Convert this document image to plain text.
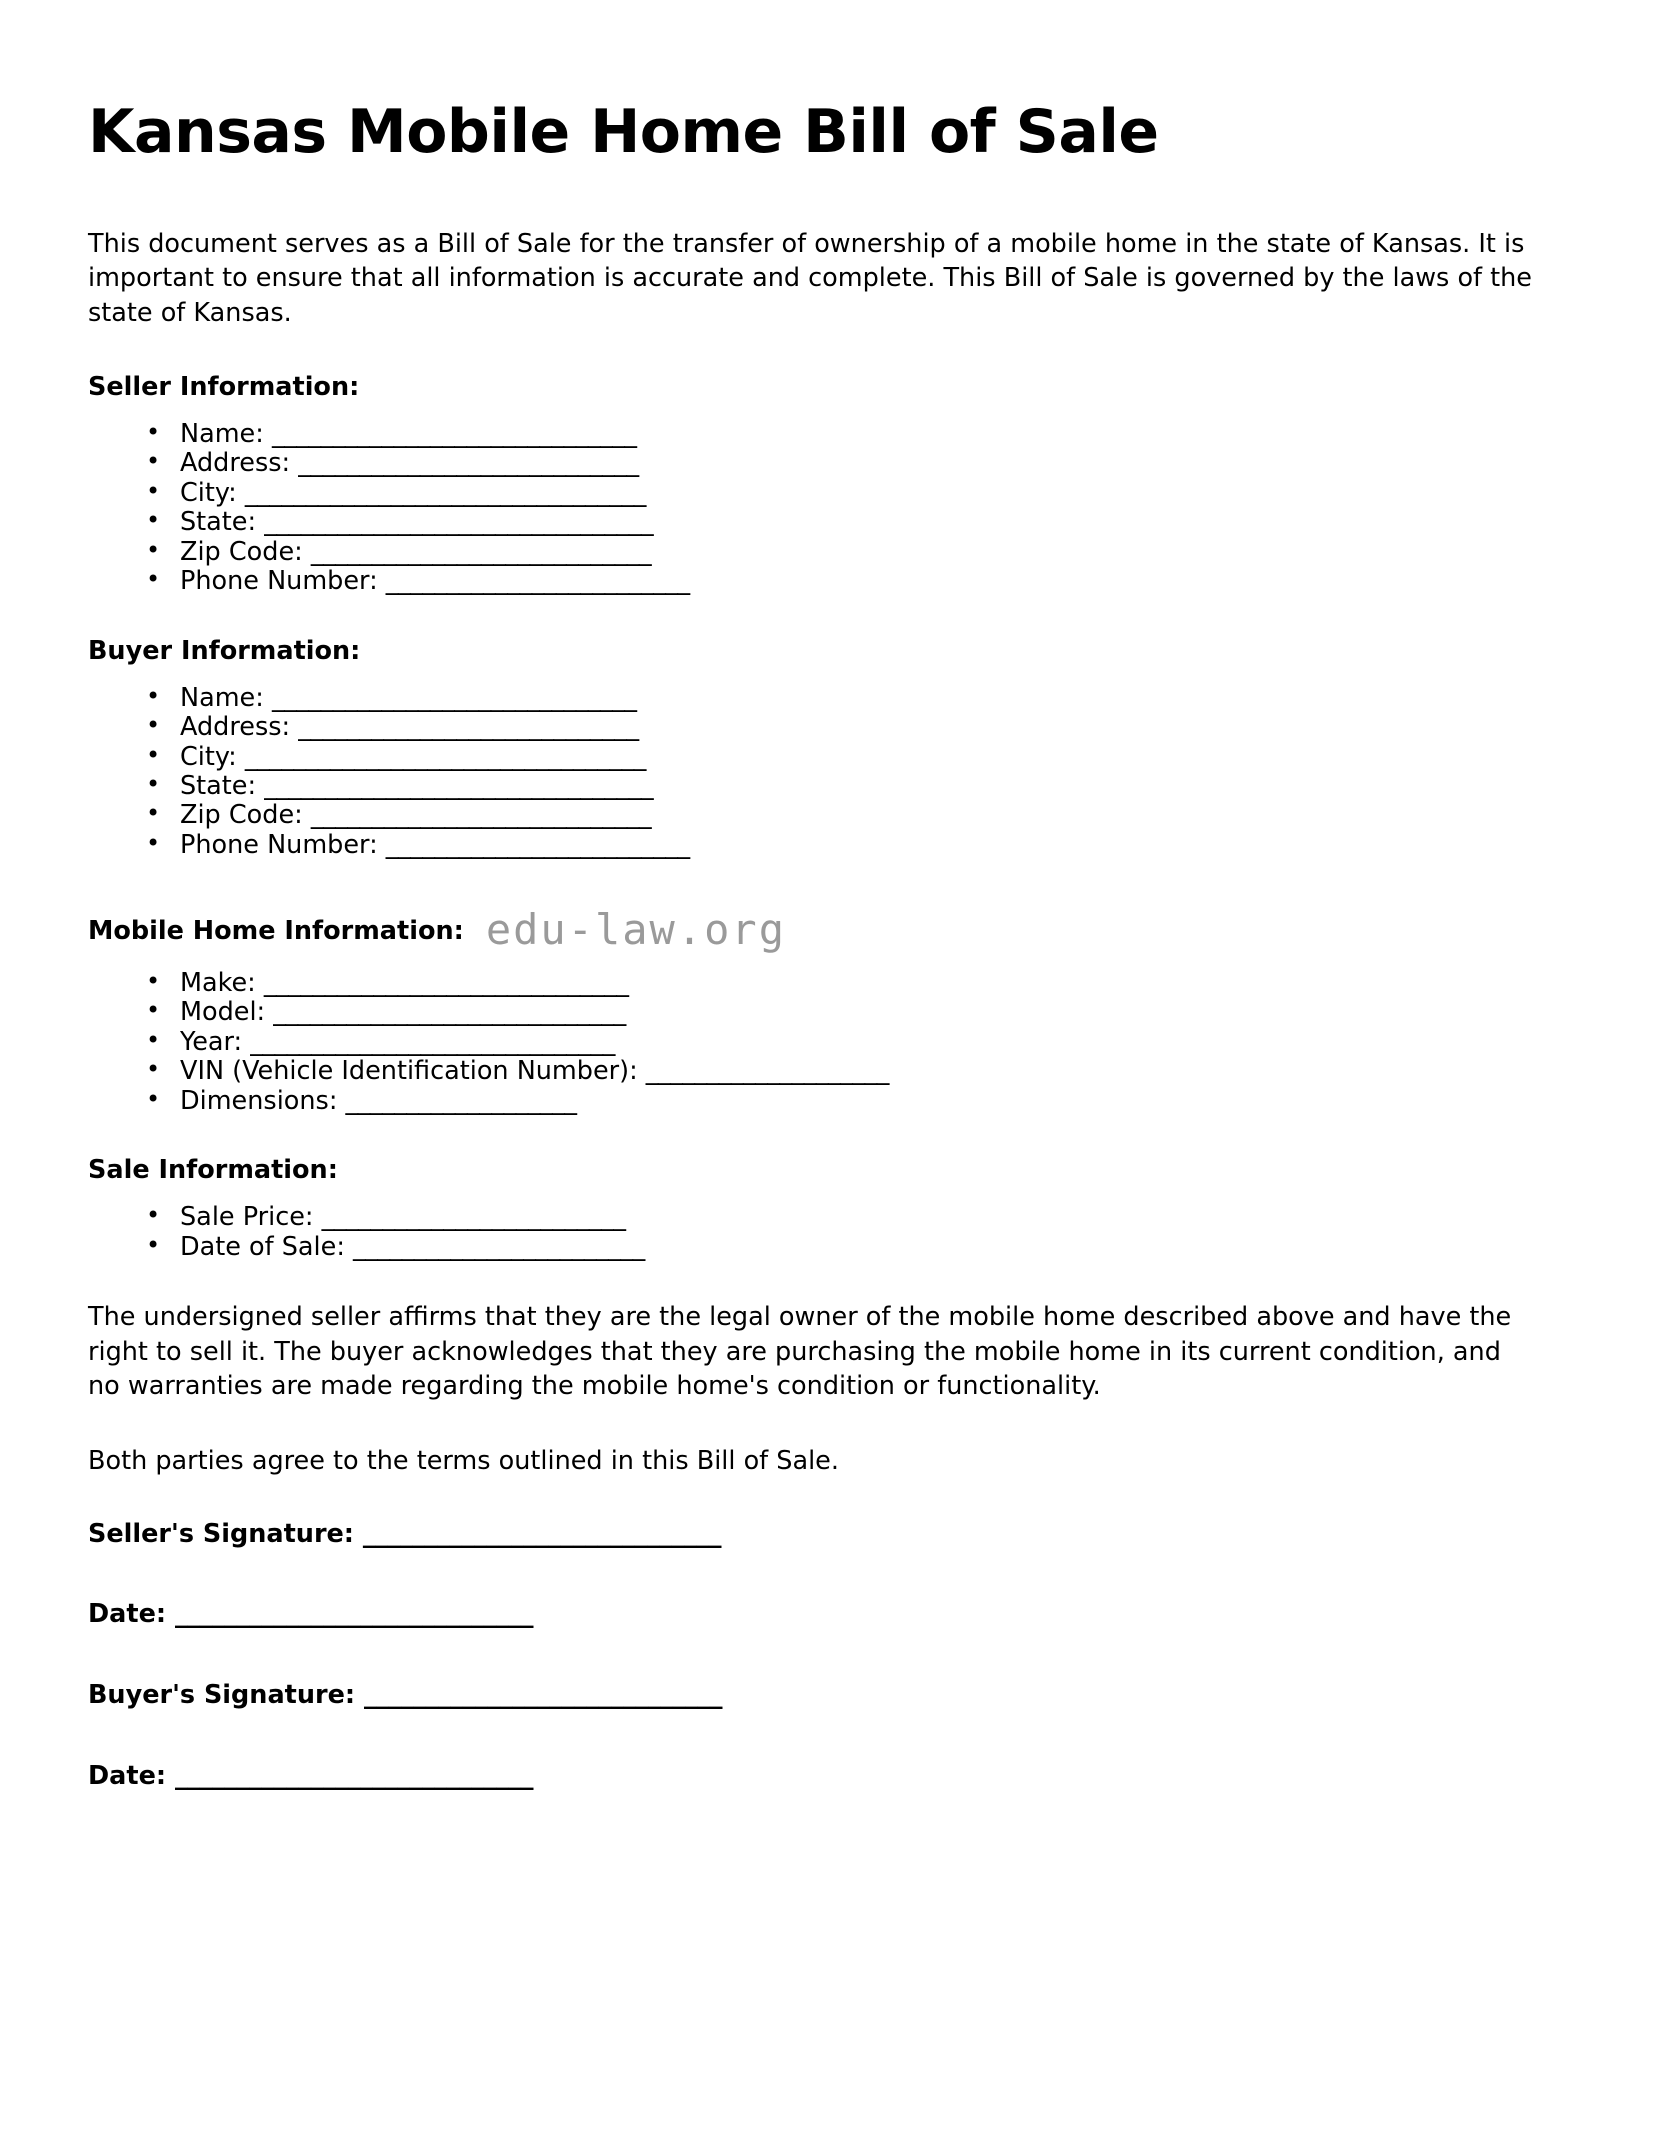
Kansas Mobile Home Bill of Sale

This document serves as a Bill of Sale for the transfer of ownership of a mobile home in the state of Kansas. It is important to ensure that all information is accurate and complete. This Bill of Sale is governed by the laws of the state of Kansas.

Seller Information:
• Name: ______________________________
• Address: ____________________________
• City: _________________________________
• State: ________________________________
• Zip Code: ____________________________
• Phone Number: _________________________
Buyer Information:
• Name: ______________________________
• Address: ____________________________
• City: _________________________________
• State: ________________________________
• Zip Code: ____________________________
• Phone Number: _________________________
Mobile Home Information: edu-law.org
• Make: ______________________________
• Model: _____________________________
• Year: ______________________________
• VIN (Vehicle Identification Number): ____________________
• Dimensions: ___________________
Sale Information:
• Sale Price: _________________________
• Date of Sale: ________________________

The undersigned seller affirms that they are the legal owner of the mobile home described above and have the right to sell it. The buyer acknowledges that they are purchasing the mobile home in its current condition, and no warranties are made regarding the mobile home's condition or functionality.

Both parties agree to the terms outlined in this Bill of Sale.

Seller's Signature: _____________________________
Date: _____________________________
Buyer's Signature: _____________________________
Date: _____________________________
